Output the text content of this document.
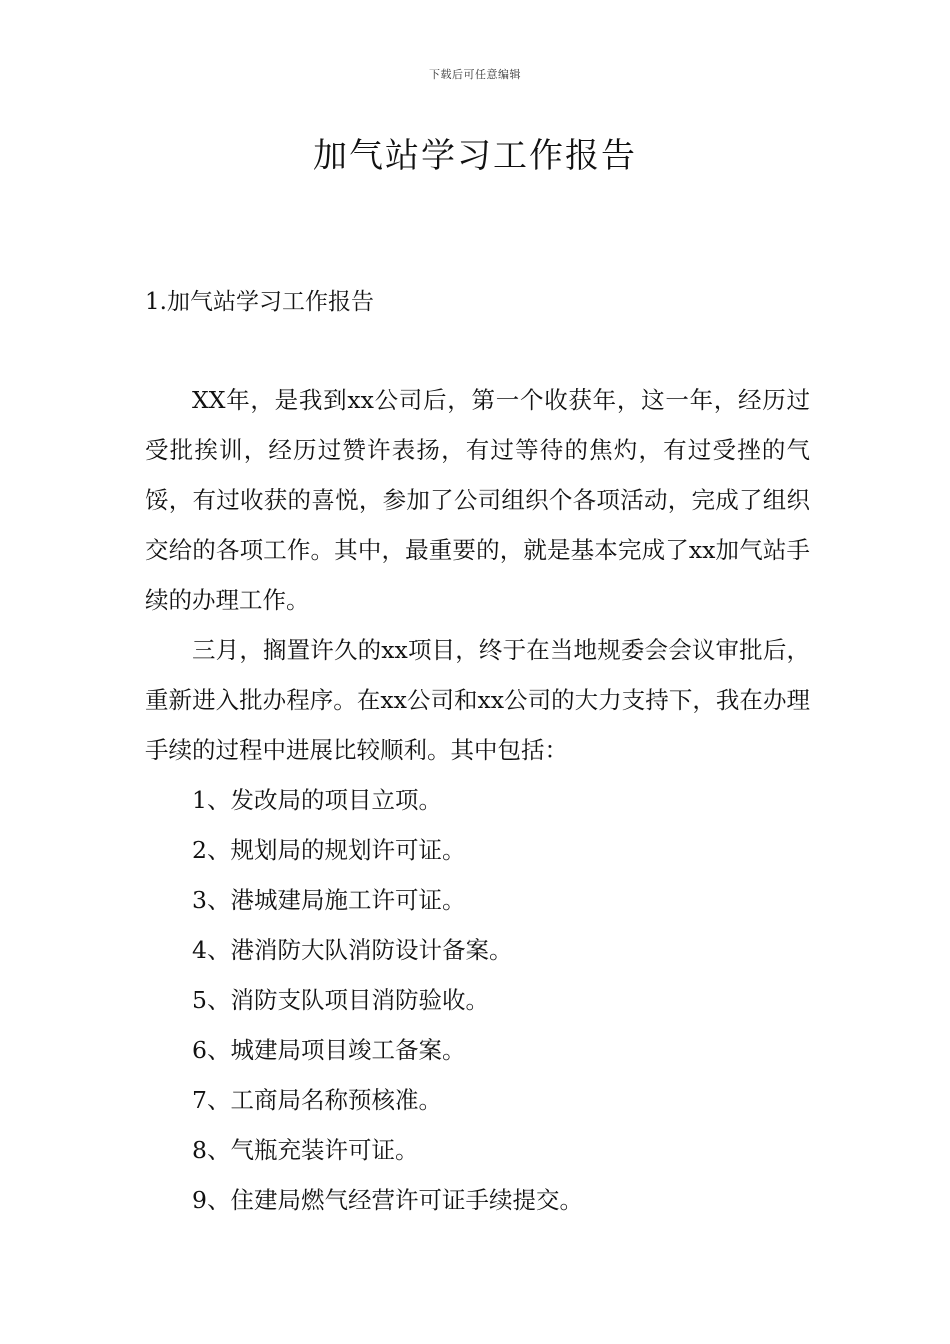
下载后可任意编辑
加气站学习工作报告
1.加气站学习工作报告

XX年，是我到xx公司后，第一个收获年，这一年，经历过受批挨训，经历过赞许表扬，有过等待的焦灼，有过受挫的气馁，有过收获的喜悦，参加了公司组织个各项活动，完成了组织交给的各项工作。其中，最重要的，就是基本完成了xx加气站手续的办理工作。

三月，搁置许久的xx项目，终于在当地规委会会议审批后，重新进入批办程序。在xx公司和xx公司的大力支持下，我在办理手续的过程中进展比较顺利。其中包括：

1、发改局的项目立项。
2、规划局的规划许可证。
3、港城建局施工许可证。
4、港消防大队消防设计备案。
5、消防支队项目消防验收。
6、城建局项目竣工备案。
7、工商局名称预核准。
8、气瓶充装许可证。
9、住建局燃气经营许可证手续提交。
